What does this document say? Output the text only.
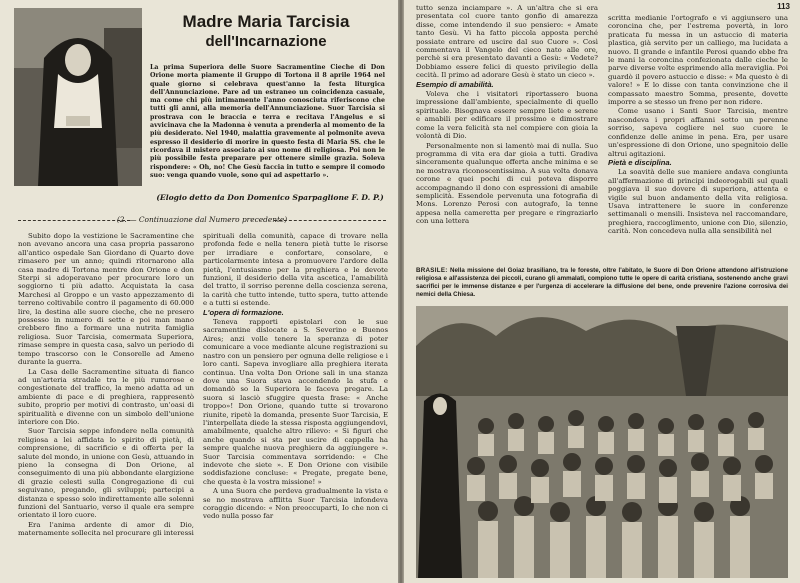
Madre Maria Tarcisia
dell'Incarnazione
La prima Superiora delle Suore Sacramentine Cieche di Don Orione morta piamente il Gruppo di Tortona il 8 aprile 1964 nel quale giorno si celebrava quest'anno la festa liturgica dell'Annunciazione. Pare ad un estraneo un coincidenza casuale, ma come chi più intimamente l'anno conosciuta riferiscono che tutti gli anni, alla memoria dell'Annunciazione. Suor Tarcisia si prostrava con le braccia e terra e recitava l'Angelus e si avvicinava che la Madonna è venuta a prenderla al momento de la più desiderato. Nel 1940, malattia gravemente al polmonite aveva espresso il desiderio di morire in questo festa di Maria SS. che le ricordava il mistero associato ai suo nome di religiosa. Poi non le più possibile festa preparare per ottenere simile grazia. Soleva rispondere: « Oh, no! Che Gesù faccia in tutto e sempre il comodo suo: venga quando vuole, sono qui ad aspettarlo ».
(Elogio detto da Don Domenico Sparpaglione F. D. P.)
(2. — Continuazione dal Numero precedente)

Subito dopo la vestizione le Sacramentine che non avevano ancora una casa propria passarono all'antico ospedale San Giordano di Quarto dove rimasero per un anno; quindi ritornarono alla casa madre di Tortona mentre don Orione e don Sterpi si adoperavano per procurare loro un soggiorno ti più adatto. Acquistata la casa Marchesi al Groppo e un vasto appezzamento di terreno coltivabile contro il pagamento di 60.000 lire, la destina alle suore cieche, che ne presero possesso in numero di sette e poi man mano crebbero fino a formare una nutrita famiglia religiosa. Suor Tarcisia, comermata Superiora, rimase sempre in questa casa, salvo un periodo di tempo trascorso con le Consorelle ad Ameno durante la guerra.

La Casa delle Sacramentine situata di fianco ad un'arteria stradale tra le più rumorose e congestionate del traffico, la meno adatta ad un ambiente di pace e di preghiera, rappresentò subito, proprio per motivi di contrasto, un'oasi di spiritualità e divenne con un simbolo dell'unione interiore con Dio.

Suor Tarcisia seppe infondere nella comunità religiosa a lei affidata lo spirito di pietà, di comprensione, di sacrificio e di offerta per la salute del mondo, in unione con Gesù, attuando in pieno la consegna di Don Orione, al conseguimento di una più abbondante elargizione di grazie celesti sulla Congregazione di cui seguivano, pregando, gli sviluppi; partecipi a distanza e spesso solo indirettamente alle solenni funzioni del Santuario, verso il quale era sempre orientato il loro cuore.

Era l'anima ardente di amor di Dio, maternamente sollecita nel procurare gli interessi

spirituali della comunità, capace di trovare nella profonda fede e nella tenera pietà tutte le risorse per irradiare e confortare, consolare, e particolarmente intesa a promuovere l'ardore della pietà, l'entusiasmo per la preghiera e le devote funzioni, il desiderio della vita ascetica, l'amabilità del tratto, il sorriso perenne della coscienza serena, la carità che tutto intende, tutto spera, tutto attende e a tutti si estende.

L'opera di formazione.

Teneva rapporti epistolari con le sue sacramentine dislocate a S. Severino e Buenos Aires; anzi volle tenere la speranza di poter comunicare a voce mediante alcune registrazioni su nastro con un pensiero per ognuna delle religiose e i loro canti. Sapeva invogliare alla preghiera iterata continua. Una volta Don Orione sali in una stanza dove una Suora stava accendendo la stufa e domandò so la Superiora le faceva pregare. La suora si lasciò sfuggire questa frase: « Anche troppo»! Don Orione, quando tutte si trovarono riunite, ripetè la domanda, presente Suor Tarcisia, E l'interpellata diede la stessa risposta aggiungendovi, amabilmente, qualche altro rilievo: « Si figuri che anche quando si sta per uscire di cappella ha sempre qualche nuova preghiera da aggiungere ». Suor Tarcisia commentava sorridendo: « Che indevote che siete ». E Don Orione con visibile soddisfazione concluse: « Pregate, pregate bene, che questa è la vostra missione! »

A una Suora che perdeva gradualmente la vista e se no mostrava afflitta Suor Tarcisia infondeva coraggio dicendo: « Non preoccuparti, Io che non ci vedo nulla posso far

113

tutto senza inciampare ». A un'altra che si era presentata col cuore tanto gonfio di amarezza disse, come intendendo il suo pensiero: « Amate tanto Gesù. Vi ha fatto piccola apposta perché possiate entrare ed uscire dal suo Cuore ». Così commentava il Vangelo del cieco nato alle ore, perchè si era presentato davanti a Gesù: « Vedete? Dobbiamo essere felici di questo privilegio della cecità. Il primo ad adorare Gesù è stato un cieco ».

Esempio di amabilità.

Voleva che i visitatori riportassero buona impressione dall'ambiente, specialmente di quello spirituale. Bisognava essere sempre liete e serene e amabili per edificare il prossimo e dimostrare come la vera felicità sta nel compiere con gioia la volontà di Dio.

Personalmente non si lamentò mai di nulla. Suo programma di vita era dar gioia a tutti. Gradiva sinceramente qualunque offerta anche minima e se ne mostrava riconoscentissima. A sua volta donava corone e quei pochi di cui poteva disporre accompagnando il dono con espressioni di amabile semplicità. Essendole pervenuta una fotografia di Mons. Lorenzo Perosi con autografo, la tenne appesa nella cameretta per pregare e ringraziarlo con una lettera

scritta medianie l'ortografo e vi aggiunsero una coroncina che, per l'estrema povertà, in loro praticata fu messa in un astuccio di materia plastica, già servito per un calliego, ma lucidata a nuovo. Il grande e infantile Perosi quando ebbe fra le mani la coroncina confezionata dalle cieche le parve diverse volte esprimendo alla meraviglia. Poi guardò il povero astuccio e disse: « Ma questo è di valore! » E lo disse con tanta convinzione che il compassato maestro Somma, presente, dovette imporre a se stesso un freno per non ridere.

Come usano i Santi Suor Tarcisia, mentre nascondeva i propri affanni sotto un perenne sorriso, sapeva cogliere nel suo cuore le confidenze delle anime in pena. Era, per usare un'espressione di don Orione, uno spegnitoio delle altrui agitazioni.

Pietà e disciplina.

La soavità delle sue maniere andava congiunta all'affermazione di principi indeorogabili sul quali poggiava il suo dovere di superiora, attenta e vigile sul buon andamento della vita religiosa. Usava intrattenere le suore in conferenze settimanali o mensili. Insisteva nel raccomandare, preghiera, raccoglimento, unione con Dio, silenzio, carità. Non concedeva nulla alla sensibilità nel

BRASILE: Nella missione del Goiaz brasiliano, tra le foreste, oltre l'abitato, le Suore di Don Orione attendono all'istruzione religiosa e all'assistenza dei piccoli, curano gli ammalati, compiono tutte le opere di carità cristiana, sostenendo anche gravi sacrifici per le immense distanze e per l'urgenza di accelerare la diffusione del bene, onde prevenire l'azione corrosiva dei nemici della Chiesa.
